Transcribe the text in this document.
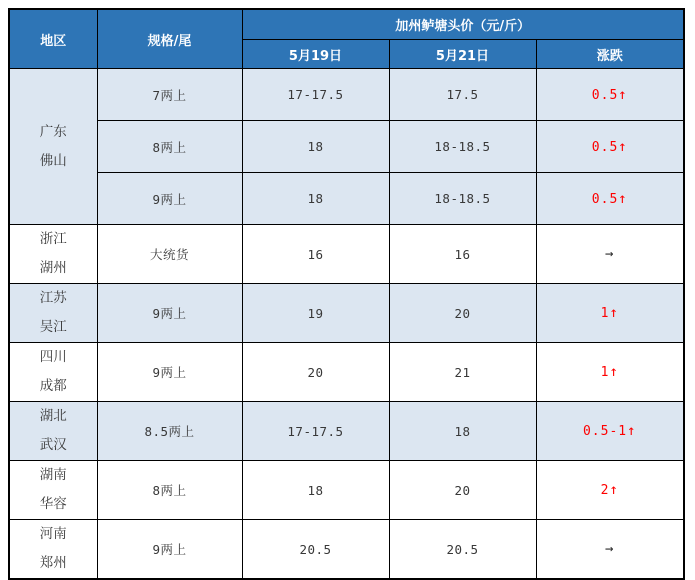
地区	规格/尾	加州鲈塘头价（元/斤）		
		5月19日	5月21日	涨跌
广东
佛山	7两上	17-17.5	17.5	0.5↑
	8两上	18	18-18.5	0.5↑
	9两上	18	18-18.5	0.5↑
浙江
湖州	大统货	16	16	→
江苏
吴江	9两上	19	20	1↑
四川
成都	9两上	20	21	1↑
湖北
武汉	8.5两上	17-17.5	18	0.5-1↑
湖南
华容	8两上	18	20	2↑
河南
郑州	9两上	20.5	20.5	→
